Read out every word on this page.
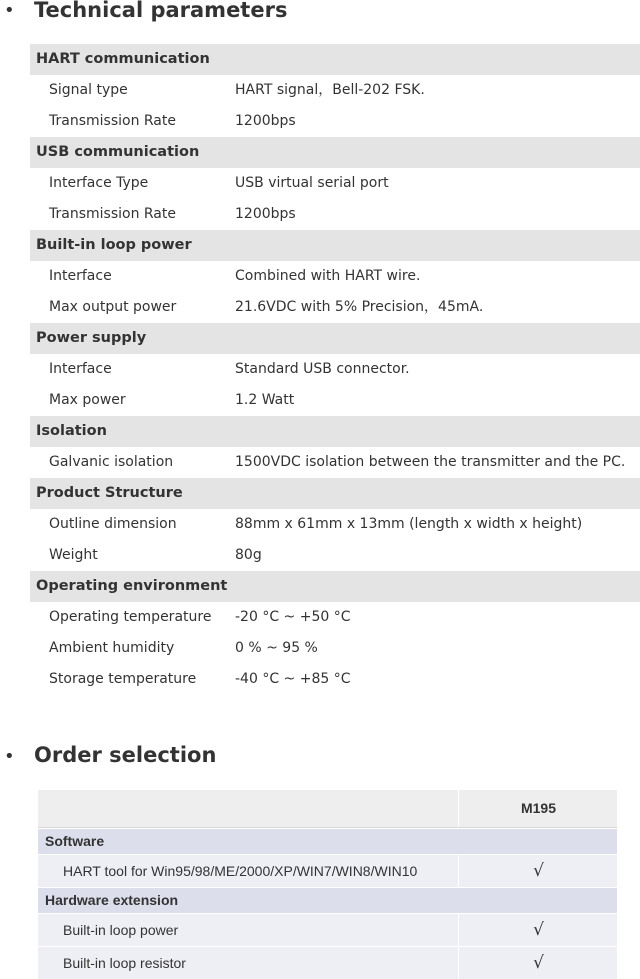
• Technical parameters
HART communication
Signal type	HART signal，Bell-202 FSK.
Transmission Rate	1200bps
USB communication
Interface Type	USB virtual serial port
Transmission Rate	1200bps
Built-in loop power
Interface	Combined with HART wire.
Max output power	21.6VDC with 5% Precision，45mA.
Power supply
Interface	Standard USB connector.
Max power	1.2 Watt
Isolation
Galvanic isolation	1500VDC isolation between the transmitter and the PC.
Product Structure
Outline dimension	88mm x 61mm x 13mm (length x width x height)
Weight	80g
Operating environment
Operating temperature -20 °C ~ +50 °C
Ambient humidity	0 % ~ 95 %
Storage temperature	-40 °C ~ +85 °C
• Order selection
M195
Software
HART tool for Win95/98/ME/2000/XP/WIN7/WIN8/WIN10	√
Hardware extension
Built-in loop power	√
Built-in loop resistor	√
